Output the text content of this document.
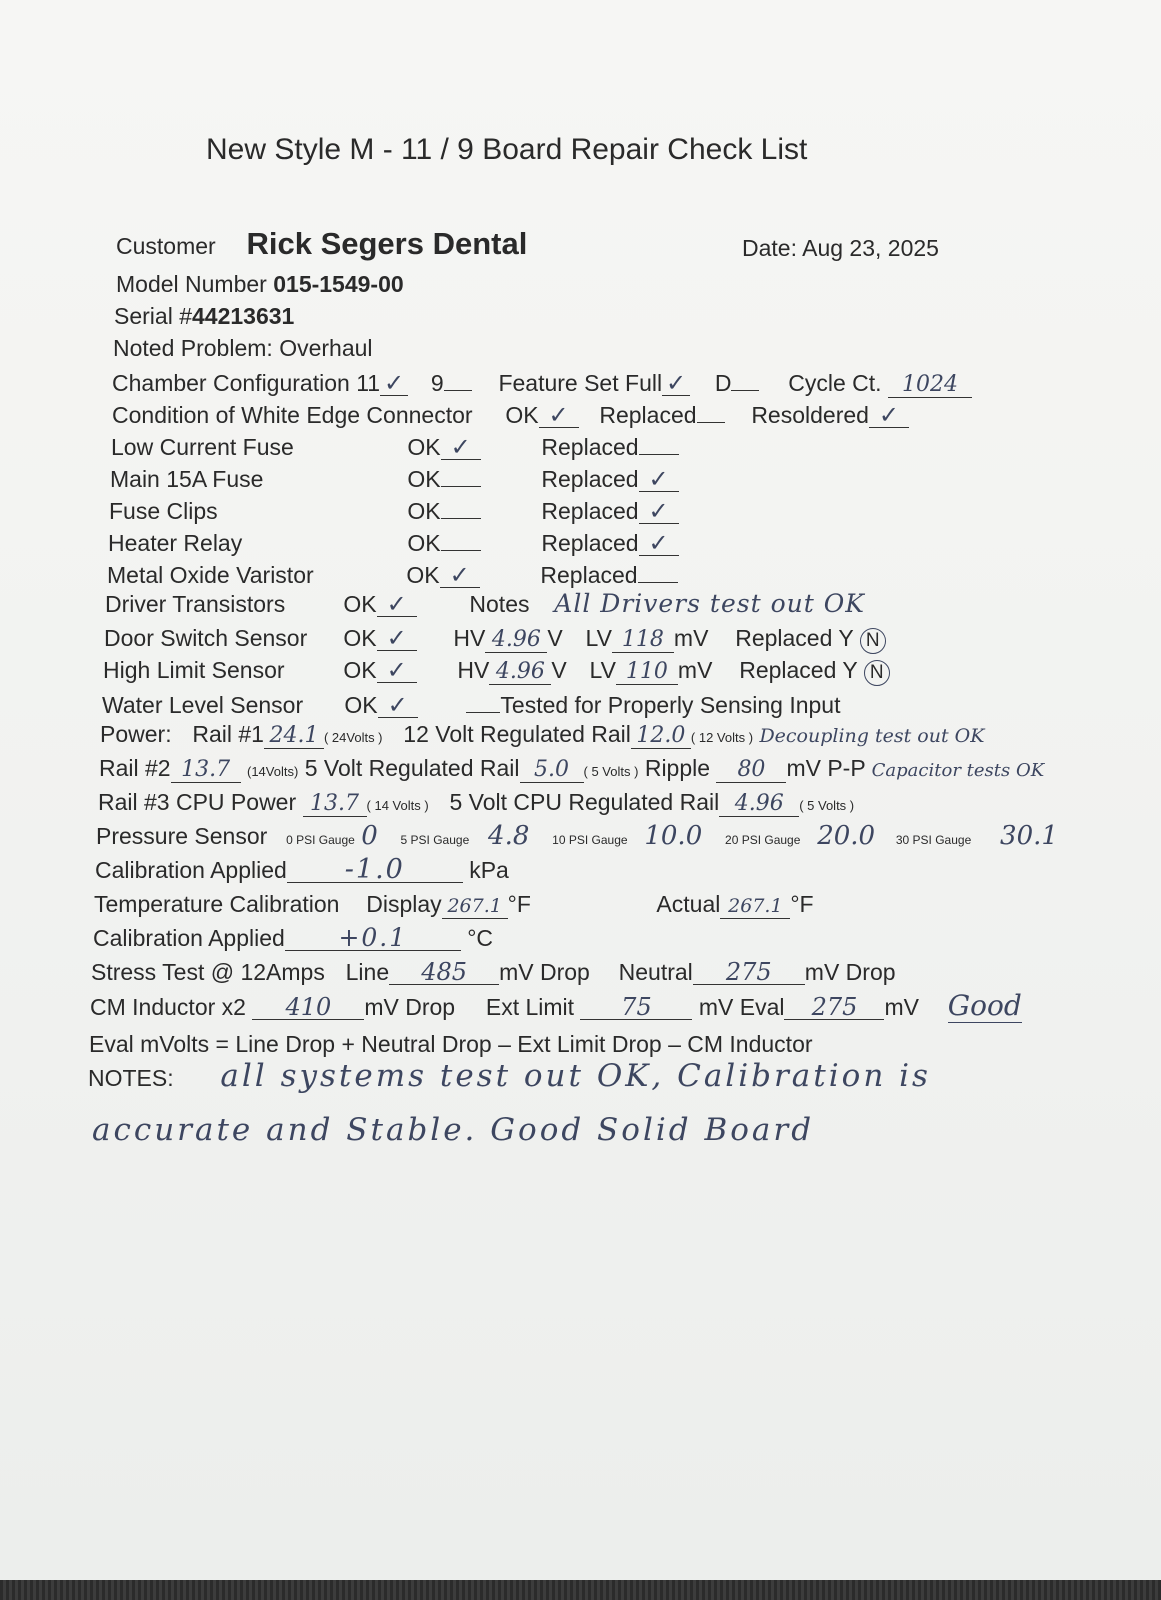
New Style M - 11 / 9 Board Repair Check List
Customer Rick Segers Dental	Date: Aug 23, 2025
Model Number 015-1549-00
Serial #44213631
Noted Problem: Overhaul
Chamber Configuration 11 ✓ 9 Feature Set Full ✓ D Cycle Ct. 1024
Condition of White Edge Connector OK ✓ Replaced Resoldered ✓
Low Current Fuse	OK ✓	Replaced
Main 15A Fuse	OK	Replaced ✓
Fuse Clips	OK	Replaced ✓
Heater Relay	OK	Replaced ✓
Metal Oxide Varistor	OK ✓	Replaced
Driver Transistors	OK ✓	Notes All Drivers test out OK
Door Switch Sensor OK ✓ HV 4.96 V LV 118 mV Replaced Y N
High Limit Sensor	OK ✓ HV 4.96 V LV 110 mV Replaced Y N
Water Level Sensor OK ✓	Tested for Properly Sensing Input
Power: Rail #1 24.1 ( 24Volts ) 12 Volt Regulated Rail 12.0 ( 12 Volts ) Decoupling test out OK
Rail #2 13.7 (14Volts) 5 Volt Regulated Rail 5.0 ( 5 Volts ) Ripple 80 mV P-P Capacitor tests OK
Rail #3 CPU Power 13.7 ( 14 Volts ) 5 Volt CPU Regulated Rail 4.96 ( 5 Volts )
Pressure Sensor 0 PSI Gauge 0 5 PSI Gauge 4.8 10 PSI Gauge 10.0 20 PSI Gauge 20.0 30 PSI Gauge 30.1
Calibration Applied -1.0	kPa
Temperature Calibration Display 267.1 °F	Actual 267.1 °F
Calibration Applied +0.1	°C
Stress Test @ 12Amps Line 485 mV Drop Neutral 275 mV Drop
CM Inductor x2 410 mV Drop Ext Limit 75 mV Eval 275 mV Good
Eval mVolts = Line Drop + Neutral Drop – Ext Limit Drop – CM Inductor
NOTES: all systems test out OK, Calibration is
accurate and Stable. Good Solid Board
